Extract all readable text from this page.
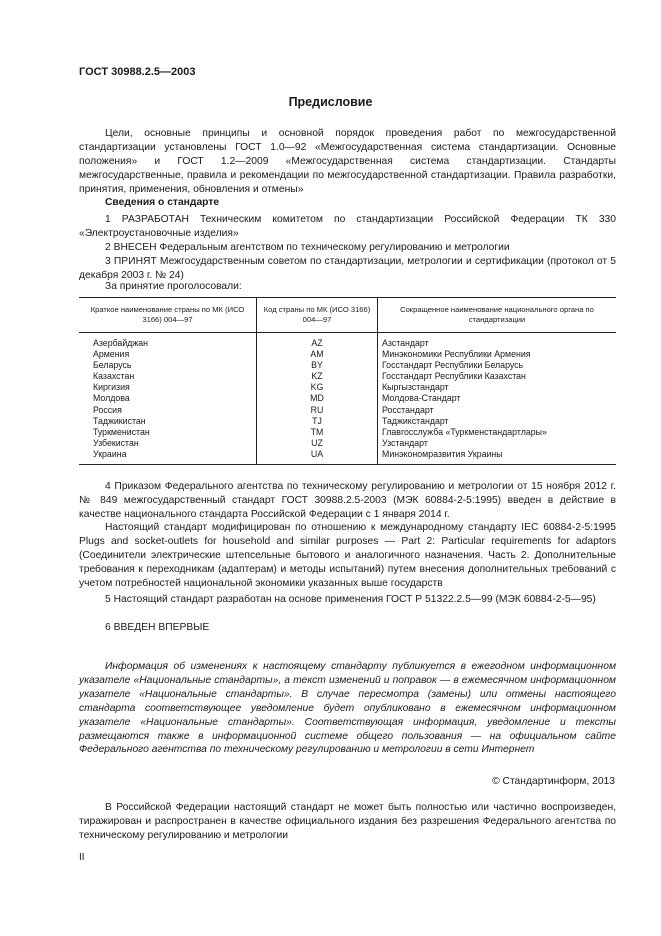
ГОСТ 30988.2.5—2003
Предисловие

Цели, основные принципы и основной порядок проведения работ по межгосударственной стандартизации установлены ГОСТ 1.0—92 «Межгосударственная система стандартизации. Основные положения» и ГОСТ 1.2—2009 «Межгосударственная система стандартизации. Стандарты межгосударственные, правила и рекомендации по межгосударственной стандартизации. Правила разработки, принятия, применения, обновления и отмены»

Сведения о стандарте

1 РАЗРАБОТАН Техническим комитетом по стандартизации Российской Федерации ТК 330 «Электроустановочные изделия»

2 ВНЕСЕН Федеральным агентством по техническому регулированию и метрологии

3 ПРИНЯТ Межгосударственным советом по стандартизации, метрологии и сертификации (протокол от 5 декабря 2003 г. № 24)

За принятие проголосовали:
Краткое наименование страны по МК (ИСО 3166) 004—97	Код страны по МК (ИСО 3166) 004—97	Сокращенное наименование национального органа по стандартизации
Азербайджан	AZ	Азстандарт
Армения	AM	Минэкономики Республики Армения
Беларусь	BY	Госстандарт Республики Беларусь
Казахстан	KZ	Госстандарт Республики Казахстан
Киргизия	KG	Кыргызстандарт
Молдова	MD	Молдова-Стандарт
Россия	RU	Росстандарт
Таджикистан	TJ	Таджикстандарт
Туркменистан	TM	Главгосслужба «Туркменстандартлары»
Узбекистан	UZ	Узстандарт
Украина	UA	Минэкономразвития Украины

4 Приказом Федерального агентства по техническому регулированию и метрологии от 15 ноября 2012 г. № 849 межгосударственный стандарт ГОСТ 30988.2.5-2003 (МЭК 60884-2-5:1995) введен в действие в качестве национального стандарта Российской Федерации с 1 января 2014 г.

Настоящий стандарт модифицирован по отношению к международному стандарту IEC 60884-2-5:1995 Plugs and socket-outlets for household and similar purposes — Part 2: Particular requirements for adaptors (Соединители электрические штепсельные бытового и аналогичного назначения. Часть 2. Дополнительные требования к переходникам (адаптерам) и методы испытаний) путем внесения дополнительных требований с учетом потребностей национальной экономики указанных выше государств

5 Настоящий стандарт разработан на основе применения ГОСТ Р 51322.2.5—99 (МЭК 60884-2-5—95)

6 ВВЕДЕН ВПЕРВЫЕ

Информация об изменениях к настоящему стандарту публикуется в ежегодном информационном указателе «Национальные стандарты», а текст изменений и поправок — в ежемесячном информационном указателе «Национальные стандарты». В случае пересмотра (замены) или отмены настоящего стандарта соответствующее уведомление будет опубликовано в ежемесячном информационном указателе «Национальные стандарты». Соответствующая информация, уведомление и тексты размещаются также в информационной системе общего пользования — на официальном сайте Федерального агентства по техническому регулированию и метрологии в сети Интернет

© Стандартинформ, 2013

В Российской Федерации настоящий стандарт не может быть полностью или частично воспроизведен, тиражирован и распространен в качестве официального издания без разрешения Федерального агентства по техническому регулированию и метрологии

II
